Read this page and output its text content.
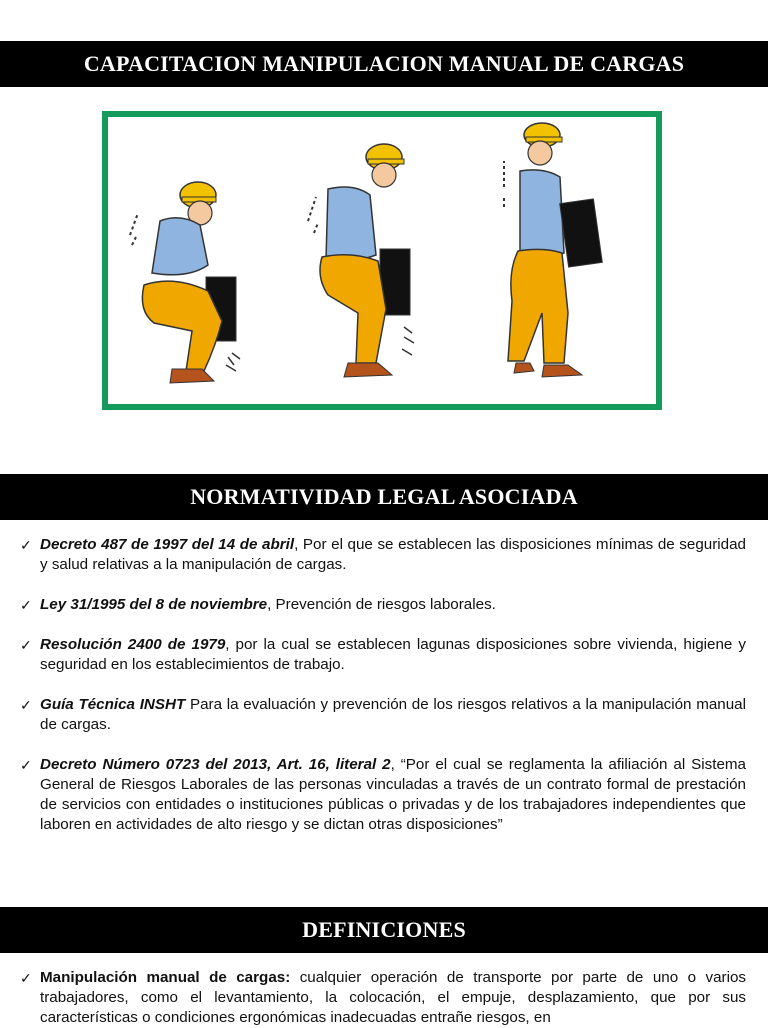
CAPACITACION MANIPULACION MANUAL DE CARGAS
NORMATIVIDAD LEGAL ASOCIADA
✓ Decreto 487 de 1997 del 14 de abril, Por el que se establecen las disposiciones mínimas de seguridad y salud relativas a la manipulación de cargas.
✓ Ley 31/1995 del 8 de noviembre, Prevención de riesgos laborales.
✓ Resolución 2400 de 1979, por la cual se establecen lagunas disposiciones sobre vivienda, higiene y seguridad en los establecimientos de trabajo.
✓ Guía Técnica INSHT Para la evaluación y prevención de los riesgos relativos a la manipulación manual de cargas.
✓ Decreto Número 0723 del 2013, Art. 16, literal 2, “Por el cual se reglamenta la afiliación al Sistema General de Riesgos Laborales de las personas vinculadas a través de un contrato formal de prestación de servicios con entidades o instituciones públicas o privadas y de los trabajadores independientes que laboren en actividades de alto riesgo y se dictan otras disposiciones”
DEFINICIONES
✓ Manipulación manual de cargas: cualquier operación de transporte por parte de uno o varios trabajadores, como el levantamiento, la colocación, el empuje, desplazamiento, que por sus características o condiciones ergonómicas inadecuadas entrañe riesgos, en
